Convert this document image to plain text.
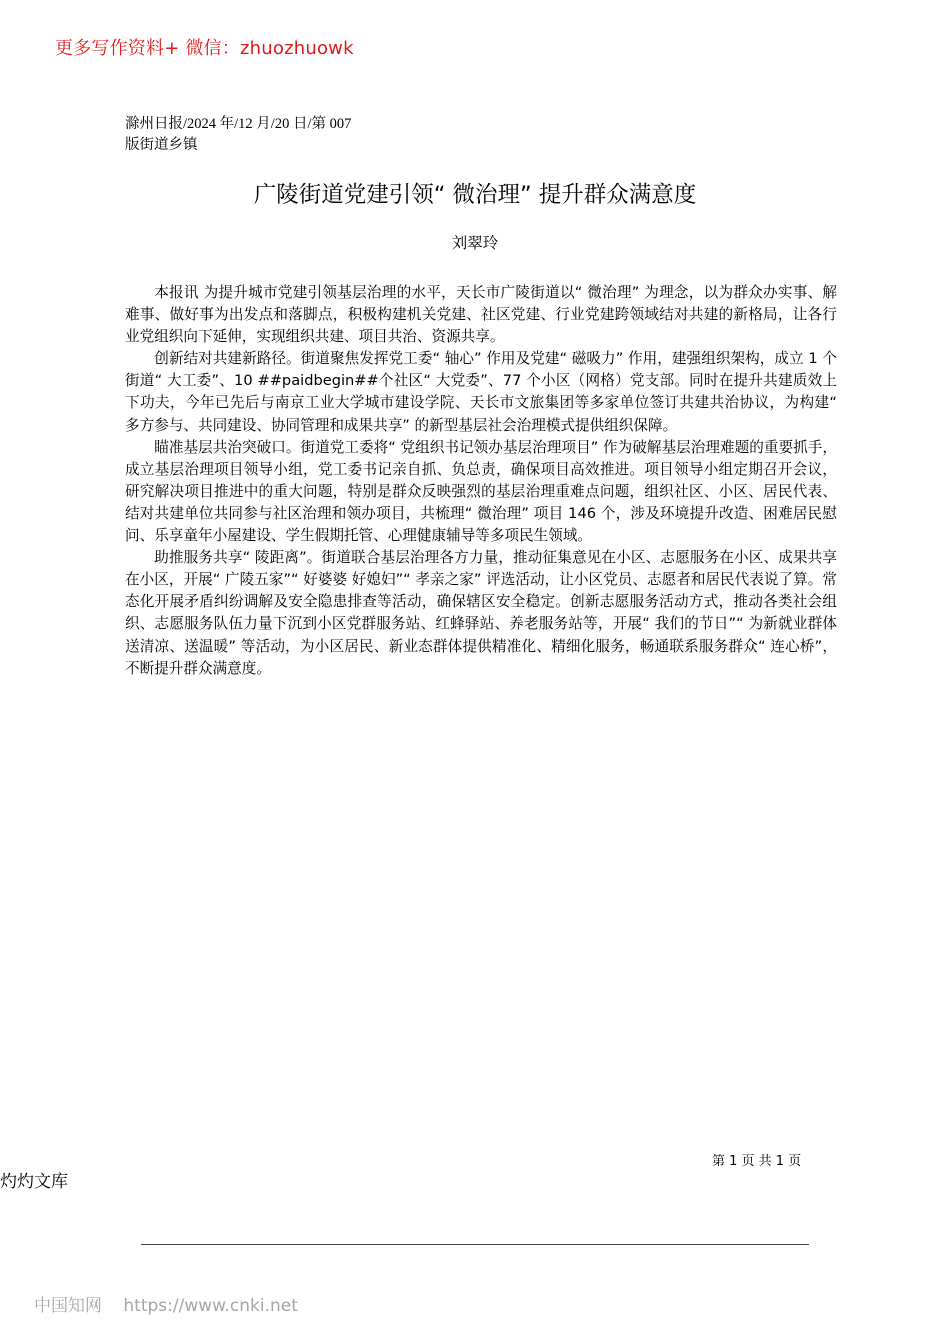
更多写作资料+ 微信：zhuozhuowk
滁州日报/2024 年/12 月/20 日/第 007
版街道乡镇
广陵街道党建引领“ 微治理” 提升群众满意度
刘翠玲

本报讯 为提升城市党建引领基层治理的水平，天长市广陵街道以“ 微治理” 为理念，以为群众办实事、解难事、做好事为出发点和落脚点，积极构建机关党建、社区党建、行业党建跨领域结对共建的新格局，让各行业党组织向下延伸，实现组织共建、项目共治、资源共享。

创新结对共建新路径。街道聚焦发挥党工委“ 轴心” 作用及党建“ 磁吸力” 作用，建强组织架构，成立 1 个街道“ 大工委”、10 ##paidbegin##个社区“ 大党委”、77 个小区（网格）党支部。同时在提升共建质效上下功夫，今年已先后与南京工业大学城市建设学院、天长市文旅集团等多家单位签订共建共治协议，为构建“ 多方参与、共同建设、协同管理和成果共享” 的新型基层社会治理模式提供组织保障。

瞄准基层共治突破口。街道党工委将“ 党组织书记领办基层治理项目” 作为破解基层治理难题的重要抓手，成立基层治理项目领导小组，党工委书记亲自抓、负总责，确保项目高效推进。项目领导小组定期召开会议，研究解决项目推进中的重大问题，特别是群众反映强烈的基层治理重难点问题，组织社区、小区、居民代表、结对共建单位共同参与社区治理和领办项目，共梳理“ 微治理” 项目 146 个，涉及环境提升改造、困难居民慰问、乐享童年小屋建设、学生假期托管、心理健康辅导等多项民生领域。

助推服务共享“ 陵距离”。街道联合基层治理各方力量，推动征集意见在小区、志愿服务在小区、成果共享在小区，开展“ 广陵五家”“ 好婆婆 好媳妇”“ 孝亲之家” 评选活动，让小区党员、志愿者和居民代表说了算。常态化开展矛盾纠纷调解及安全隐患排查等活动，确保辖区安全稳定。创新志愿服务活动方式，推动各类社会组织、志愿服务队伍力量下沉到小区党群服务站、红蜂驿站、养老服务站等，开展“ 我们的节日”“ 为新就业群体送清凉、送温暖” 等活动，为小区居民、新业态群体提供精准化、精细化服务，畅通联系服务群众“ 连心桥”，不断提升群众满意度。

第 1 页 共 1 页
灼灼文库
中国知网 https://www.cnki.net
